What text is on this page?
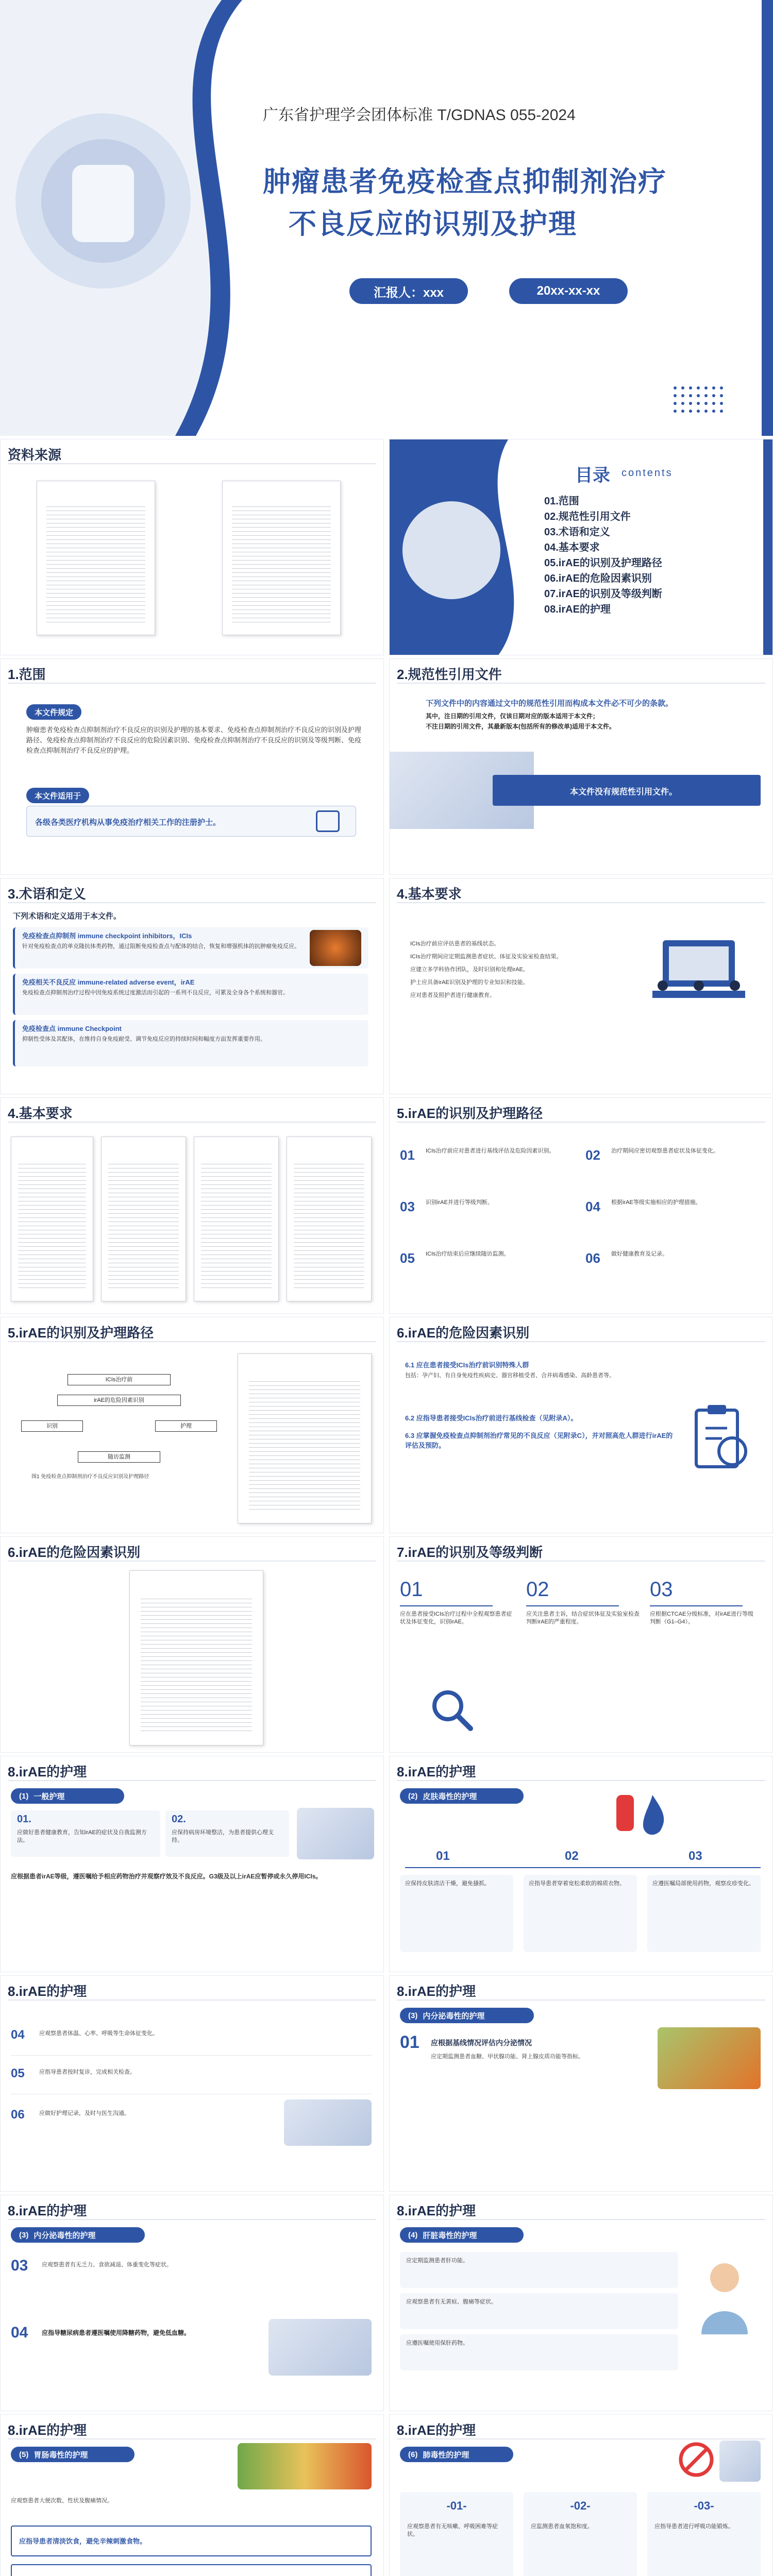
广东省护理学会团体标准 T/GDNAS 055-2024
肿瘤患者免疫检查点抑制剂治疗
不良反应的识别及护理
汇报人：xxx	20xx-xx-xx
资料来源
目录 contents
01.范围
02.规范性引用文件
03.术语和定义
04.基本要求
05.irAE的识别及护理路径
06.irAE的危险因素识别
07.irAE的识别及等级判断
08.irAE的护理
1.范围
本文件规定
肿瘤患者免疫检查点抑制剂治疗不良反应的识别及护理的基本要求、免疫检查点抑制剂治疗不良反应的识别及护理路径、免疫检查点抑制剂治疗不良反应的危险因素识别、免疫检查点抑制剂治疗不良反应的识别及等级判断、免疫检查点抑制剂治疗不良反应的护理。
本文件适用于
各级各类医疗机构从事免疫治疗相关工作的注册护士。
2.规范性引用文件
下列文件中的内容通过文中的规范性引用而构成本文件必不可少的条款。
其中，注日期的引用文件，仅该日期对应的版本适用于本文件；
不注日期的引用文件，其最新版本(包括所有的修改单)适用于本文件。
本文件没有规范性引用文件。
3.术语和定义
下列术语和定义适用于本文件。
免疫检查点抑制剂 immune checkpoint inhibitors，ICIs
针对免疫检查点的单克隆抗体类药物，通过阻断免疫检查点与配体的结合，恢复和增强机体的抗肿瘤免疫反应。
免疫相关不良反应 immune-related adverse event，irAE
免疫检查点抑制剂治疗过程中因免疫系统过度激活而引起的一系列不良反应，可累及全身各个系统和器官。
免疫检查点 immune Checkpoint
抑制性受体及其配体，在维持自身免疫耐受、调节免疫反应的持续时间和幅度方面发挥重要作用。
4.基本要求
ICIs治疗前应评估患者的基线状态。
ICIs治疗期间应定期监测患者症状、体征及实验室检查结果。
应建立多学科协作团队，及时识别和处理irAE。
护士应具备irAE识别及护理的专业知识和技能。
应对患者及照护者进行健康教育。
4.基本要求	5.irAE的识别及护理路径
01 ICIs治疗前应对患者进行基线评估及危险因素识别。	02 治疗期间应密切观察患者症状及体征变化。
03 识别irAE并进行等级判断。	04 根据irAE等级实施相应的护理措施。
05 ICIs治疗结束后应继续随访监测。	06 做好健康教育及记录。
5.irAE的识别及护理路径
ICIs治疗前
irAE的危险因素识别
识别	护理
随访监测
图1 免疫检查点抑制剂治疗不良反应识别及护理路径
6.irAE的危险因素识别
6.1 应在患者接受ICIs治疗前识别特殊人群
包括：孕产妇、有自身免疫性疾病史、器官移植受者、合并病毒感染、高龄患者等。
6.2 应指导患者接受ICIs治疗前进行基线检查（见附录A）。
6.3 应掌握免疫检查点抑制剂治疗常见的不良反应（见附录C），并对照高危人群进行irAE的评估及预防。
6.irAE的危险因素识别	7.irAE的识别及等级判断
01
应在患者接受ICIs治疗过程中全程观察患者症状及体征变化，识别irAE。
02
应关注患者主诉，结合症状体征及实验室检查判断irAE的严重程度。
03
应根据CTCAE分级标准，对irAE进行等级判断（G1–G4）。
8.irAE的护理
(1) 一般护理
01.
应做好患者健康教育，告知irAE的症状及自我监测方法。
02.
应保持病房环境整洁，为患者提供心理支持。
应根据患者irAE等级，遵医嘱给予相应药物治疗并观察疗效及不良反应。G3级及以上irAE应暂停或永久停用ICIs。
8.irAE的护理
(2) 皮肤毒性的护理
01	02	03
应保持皮肤清洁干燥，避免搔抓。	应指导患者穿着宽松柔软的棉质衣物。	应遵医嘱局部使用药物，观察皮疹变化。
8.irAE的护理
04	应观察患者体温、心率、呼吸等生命体征变化。
05	应指导患者按时复诊，完成相关检查。
06	应做好护理记录，及时与医生沟通。
8.irAE的护理
(3) 内分泌毒性的护理
01 应根据基线情况评估内分泌情况
应定期监测患者血糖、甲状腺功能、肾上腺皮质功能等指标。
8.irAE的护理
(3) 内分泌毒性的护理
03 应观察患者有无乏力、食欲减退、体重变化等症状。
04 应指导糖尿病患者遵医嘱使用降糖药物，避免低血糖。
8.irAE的护理
(4) 肝脏毒性的护理
应定期监测患者肝功能。
应观察患者有无黄疸、腹痛等症状。
应遵医嘱使用保肝药物。
8.irAE的护理
(5) 胃肠毒性的护理
应观察患者大便次数、性状及腹痛情况。
应指导患者清淡饮食，避免辛辣刺激食物。
8.irAE的护理
(6) 肺毒性的护理
-01-
应观察患者有无咳嗽、呼吸困难等症状。
-02-
应监测患者血氧饱和度。
-03-
应指导患者进行呼吸功能锻炼。
